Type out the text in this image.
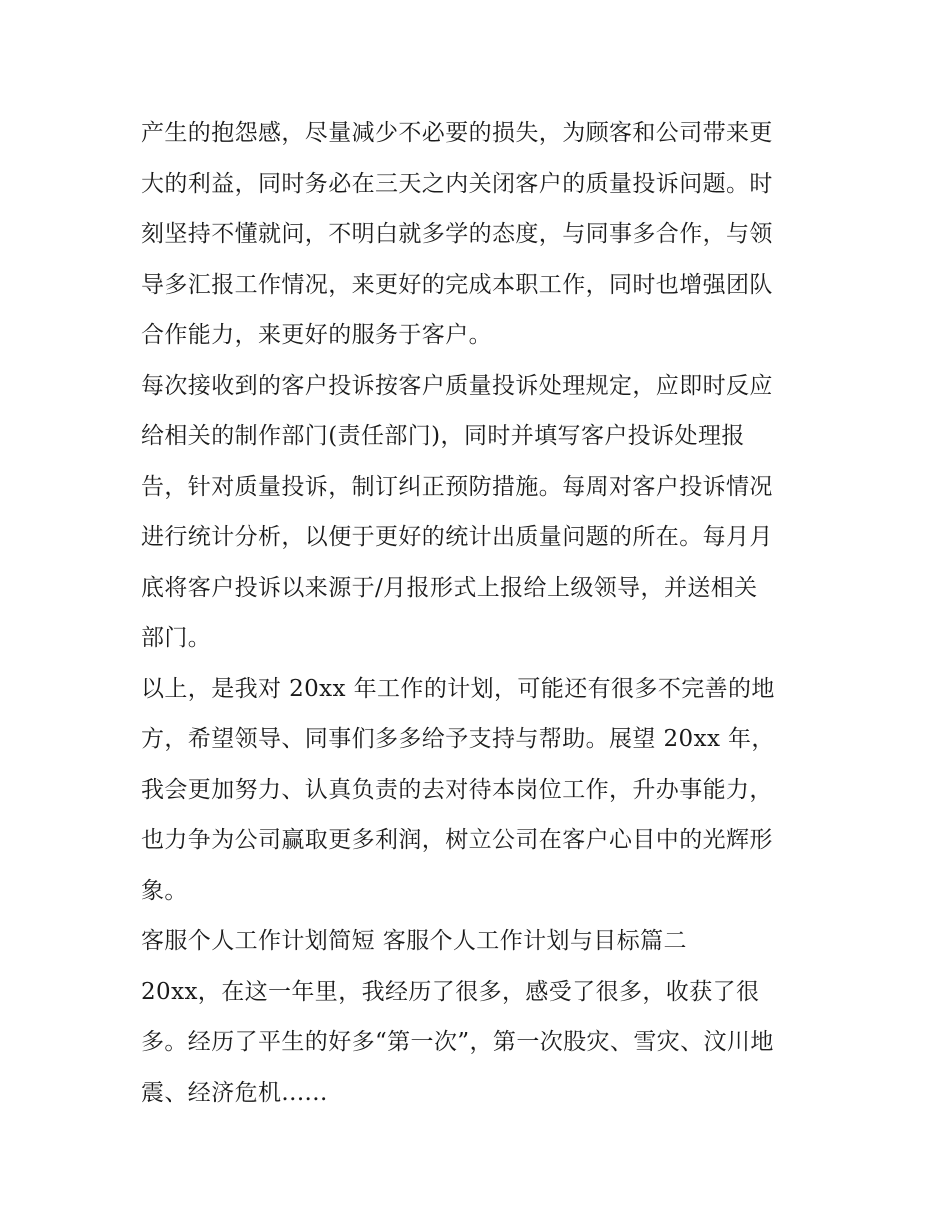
产生的抱怨感，尽量减少不必要的损失，为顾客和公司带来更
大的利益，同时务必在三天之内关闭客户的质量投诉问题。时
刻坚持不懂就问，不明白就多学的态度，与同事多合作，与领
导多汇报工作情况，来更好的完成本职工作，同时也增强团队
合作能力，来更好的服务于客户。

每次接收到的客户投诉按客户质量投诉处理规定，应即时反应
给相关的制作部门(责任部门)，同时并填写客户投诉处理报
告，针对质量投诉，制订纠正预防措施。每周对客户投诉情况
进行统计分析，以便于更好的统计出质量问题的所在。每月月
底将客户投诉以来源于/月报形式上报给上级领导，并送相关
部门。

以上，是我对 20xx 年工作的计划，可能还有很多不完善的地
方，希望领导、同事们多多给予支持与帮助。展望 20xx 年，
我会更加努力、认真负责的去对待本岗位工作，升办事能力，
也力争为公司赢取更多利润，树立公司在客户心目中的光辉形
象。

客服个人工作计划简短 客服个人工作计划与目标篇二

20xx，在这一年里，我经历了很多，感受了很多，收获了很
多。经历了平生的好多“第一次”，第一次股灾、雪灾、汶川地
震、经济危机......
